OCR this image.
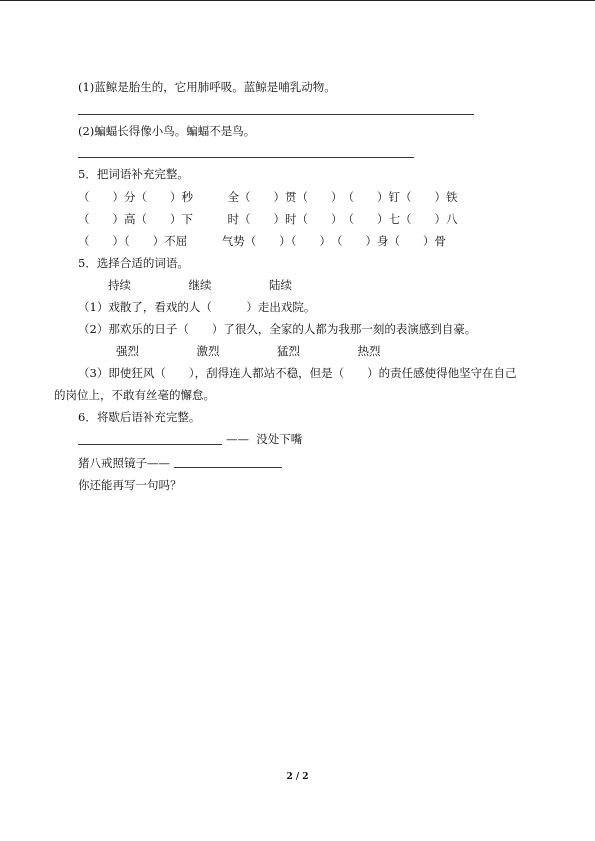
(1)蓝鲸是胎生的，它用肺呼吸。蓝鲸是哺乳动物。
(2)蝙蝠长得像小鸟。蝙蝠不是鸟。
5．把词语补充完整。
（　　）分（　　）秒　　　全（　　）贯（　　）　（　　）钉（　　）铁
（　　）高（　　）下　　　时（　　）时（　　）　（　　）七（　　）八
（　　）（　　）不屈　　　气势（　　）（　　）　（　　）身（　　）骨
5．选择合适的词语。
持续　　　　　继续　　　　　陆续
（1）戏散了，看戏的人（　　　）走出戏院。
（2）那欢乐的日子（　　）了很久，全家的人都为我那一刻的表演感到自豪。
强烈　　　　　激烈　　　　　猛烈　　　　　热烈
（3）即使狂风（　　），刮得连人都站不稳，但是（　　）的责任感使得他坚守在自己
的岗位上，不敢有丝毫的懈怠。
6．将歇后语补充完整。
——  没处下嘴
猪八戒照镜子——
你还能再写一句吗？
2 / 2
